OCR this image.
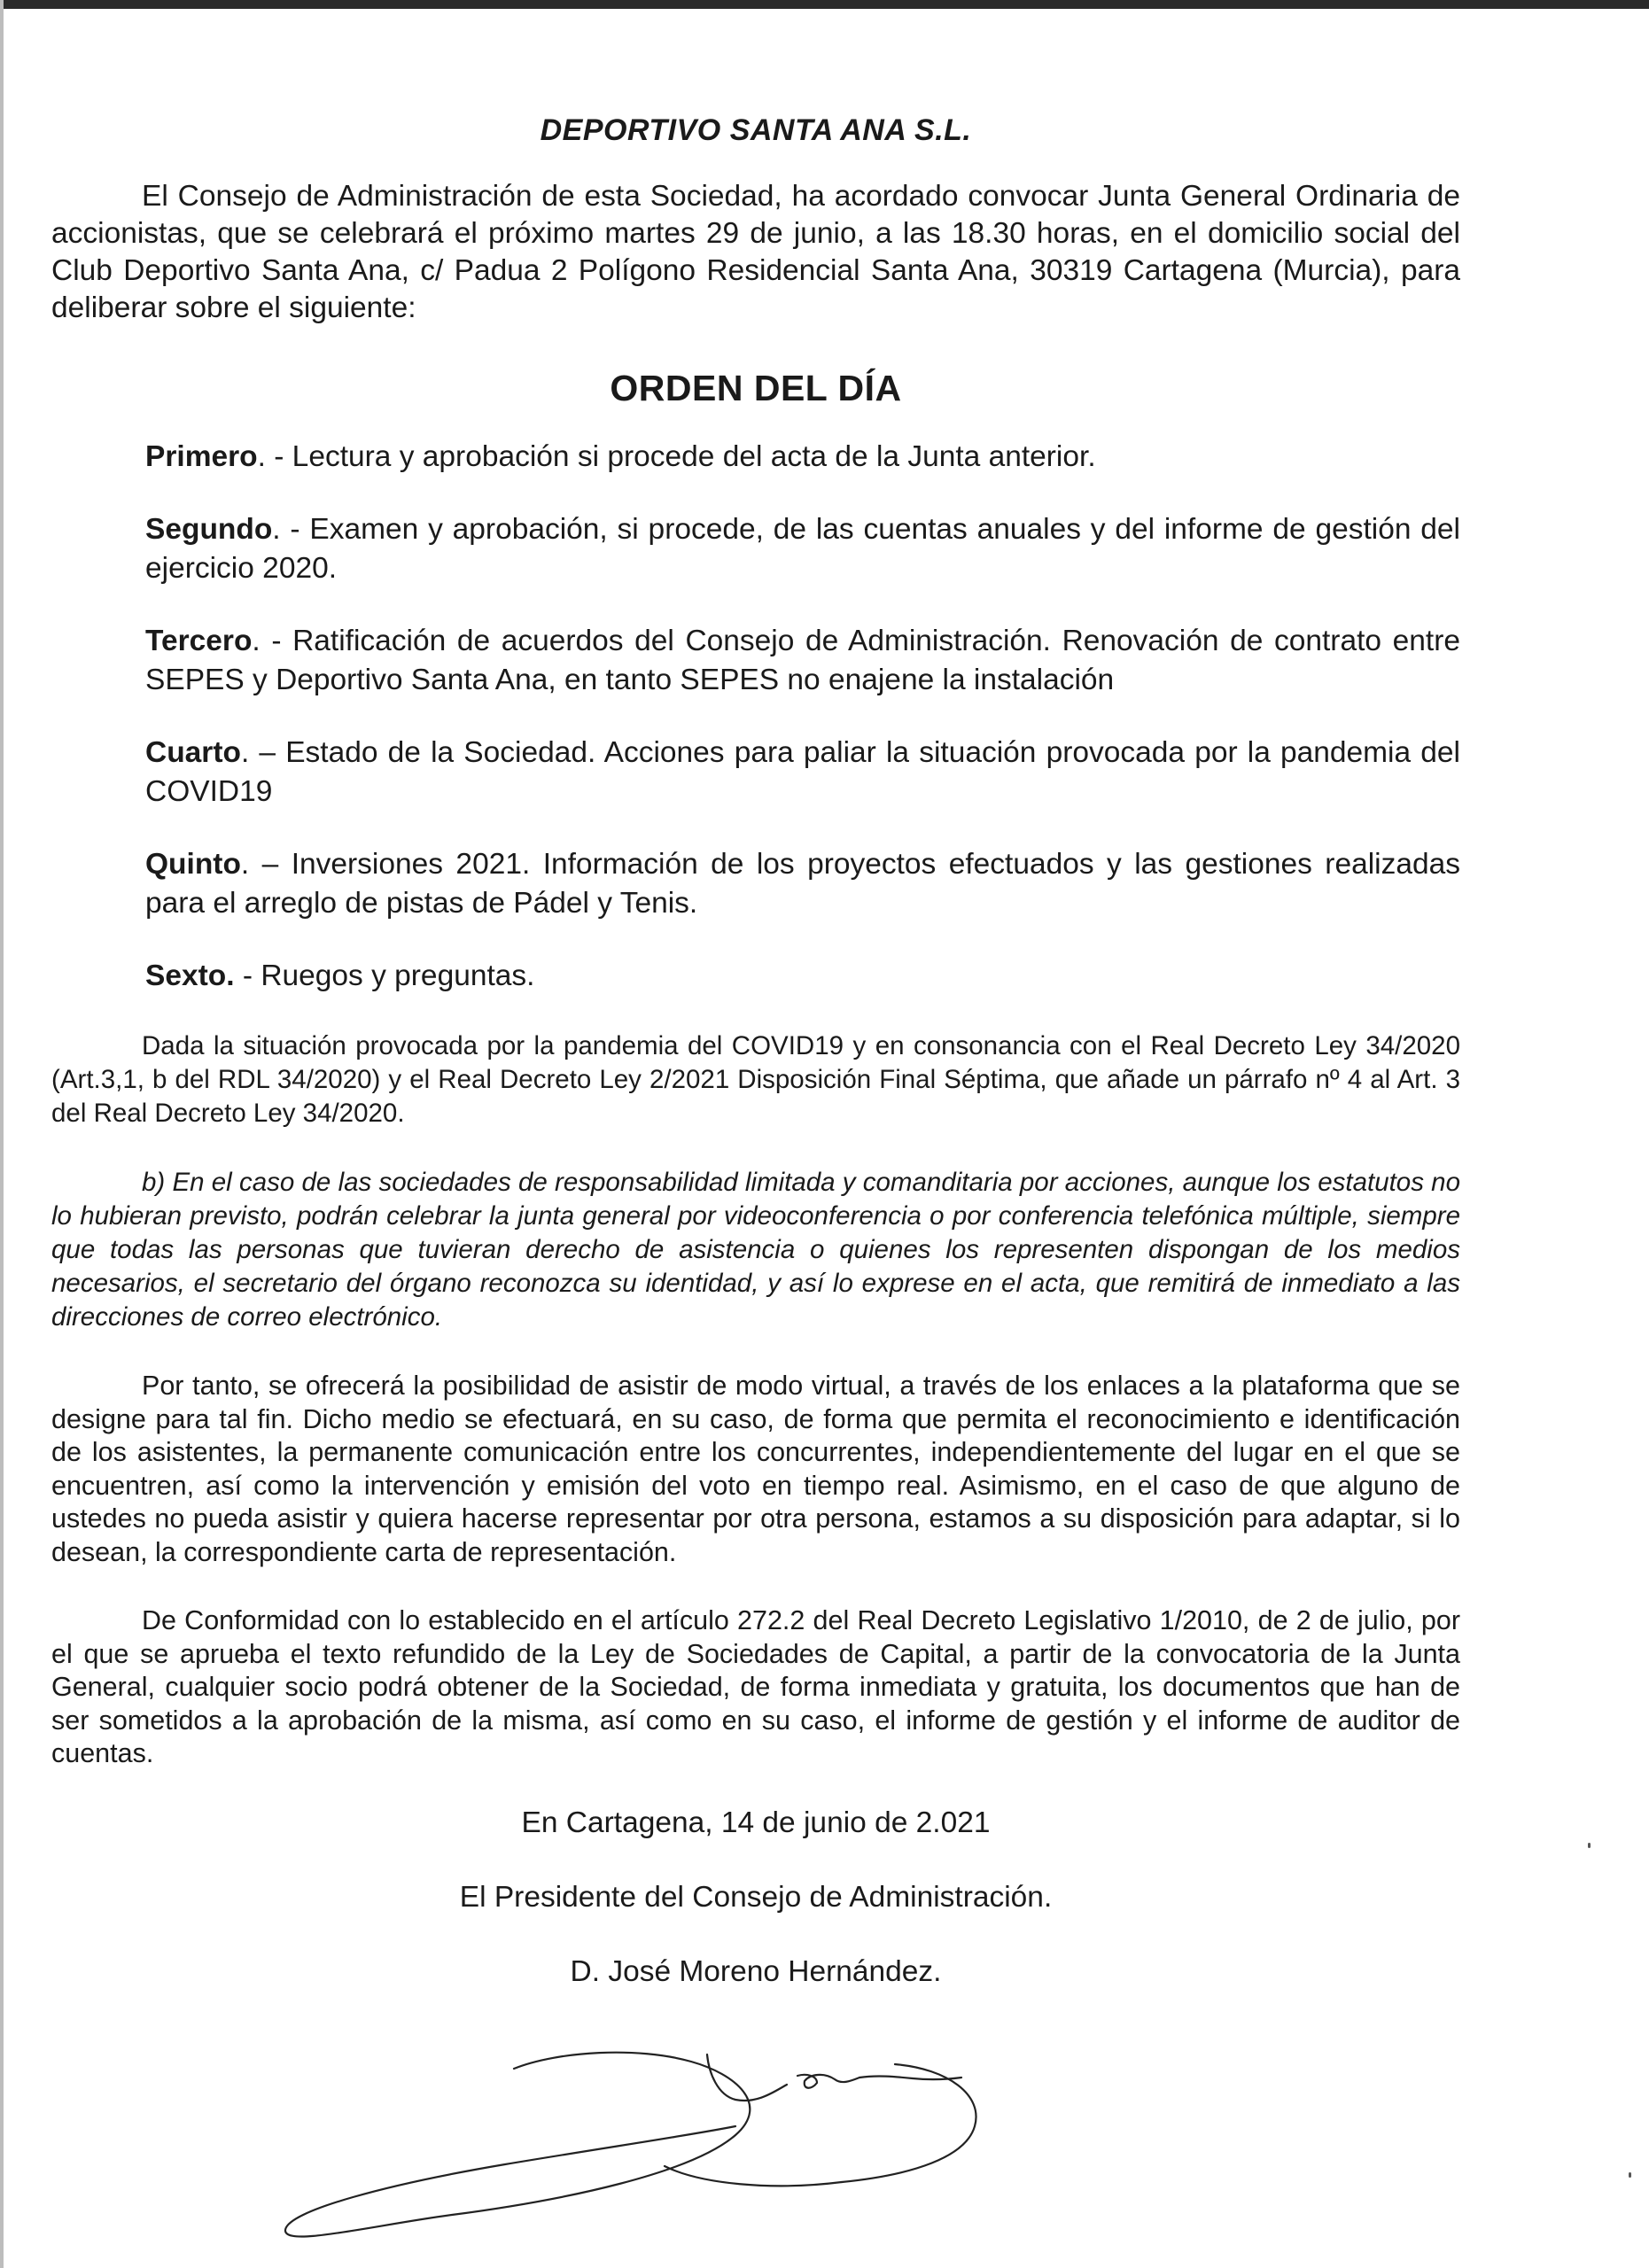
DEPORTIVO SANTA ANA S.L.

El Consejo de Administración de esta Sociedad, ha acordado convocar Junta General Ordinaria de accionistas, que se celebrará el próximo martes 29 de junio, a las 18.30 horas, en el domicilio social del Club Deportivo Santa Ana, c/ Padua 2 Polígono Residencial Santa Ana, 30319 Cartagena (Murcia), para deliberar sobre el siguiente:

ORDEN DEL DÍA

Primero. - Lectura y aprobación si procede del acta de la Junta anterior.

Segundo. - Examen y aprobación, si procede, de las cuentas anuales y del informe de gestión del ejercicio 2020.

Tercero. - Ratificación de acuerdos del Consejo de Administración. Renovación de contrato entre SEPES y Deportivo Santa Ana, en tanto SEPES no enajene la instalación

Cuarto. – Estado de la Sociedad. Acciones para paliar la situación provocada por la pandemia del COVID19

Quinto. – Inversiones 2021. Información de los proyectos efectuados y las gestiones realizadas para el arreglo de pistas de Pádel y Tenis.

Sexto. - Ruegos y preguntas.

Dada la situación provocada por la pandemia del COVID19 y en consonancia con el Real Decreto Ley 34/2020 (Art.3,1, b del RDL 34/2020) y el Real Decreto Ley 2/2021 Disposición Final Séptima, que añade un párrafo nº 4 al Art. 3 del Real Decreto Ley 34/2020.

b) En el caso de las sociedades de responsabilidad limitada y comanditaria por acciones, aunque los estatutos no lo hubieran previsto, podrán celebrar la junta general por videoconferencia o por conferencia telefónica múltiple, siempre que todas las personas que tuvieran derecho de asistencia o quienes los representen dispongan de los medios necesarios, el secretario del órgano reconozca su identidad, y así lo exprese en el acta, que remitirá de inmediato a las direcciones de correo electrónico.

Por tanto, se ofrecerá la posibilidad de asistir de modo virtual, a través de los enlaces a la plataforma que se designe para tal fin. Dicho medio se efectuará, en su caso, de forma que permita el reconocimiento e identificación de los asistentes, la permanente comunicación entre los concurrentes, independientemente del lugar en el que se encuentren, así como la intervención y emisión del voto en tiempo real. Asimismo, en el caso de que alguno de ustedes no pueda asistir y quiera hacerse representar por otra persona, estamos a su disposición para adaptar, si lo desean, la correspondiente carta de representación.

De Conformidad con lo establecido en el artículo 272.2 del Real Decreto Legislativo 1/2010, de 2 de julio, por el que se aprueba el texto refundido de la Ley de Sociedades de Capital, a partir de la convocatoria de la Junta General, cualquier socio podrá obtener de la Sociedad, de forma inmediata y gratuita, los documentos que han de ser sometidos a la aprobación de la misma, así como en su caso, el informe de gestión y el informe de auditor de cuentas.

En Cartagena, 14 de junio de 2.021
El Presidente del Consejo de Administración.
D. José Moreno Hernández.
